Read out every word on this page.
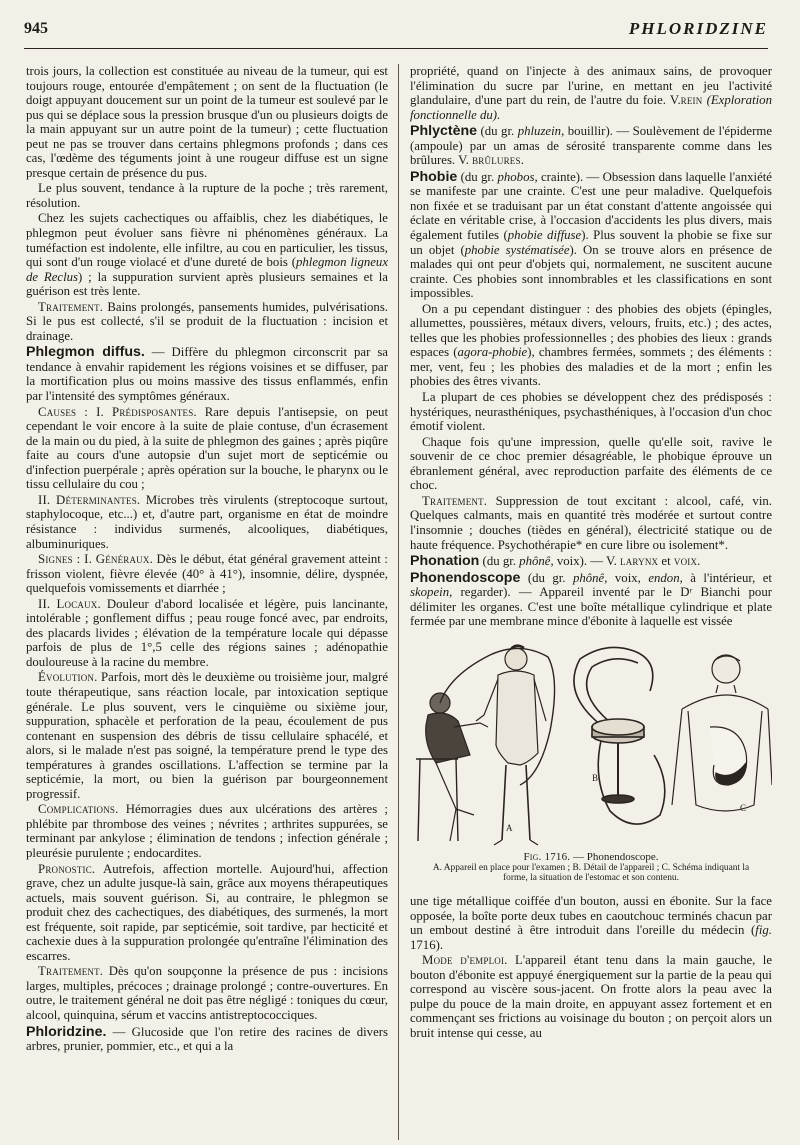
945	PHLORIDZINE

trois jours, la collection est constituée au niveau de la tumeur, qui est toujours rouge, entourée d'empâtement ; on sent de la fluctuation (le doigt appuyant doucement sur un point de la tumeur est soulevé par le pus qui se déplace sous la pression brusque d'un ou plusieurs doigts de la main appuyant sur un autre point de la tumeur) ; cette fluctuation peut ne pas se trouver dans certains phlegmons profonds ; dans ces cas, l'œdème des téguments joint à une rougeur diffuse est un signe presque certain de présence du pus.

Le plus souvent, tendance à la rupture de la poche ; très rarement, résolution.

Chez les sujets cachectiques ou affaiblis, chez les diabétiques, le phlegmon peut évoluer sans fièvre ni phénomènes généraux. La tuméfaction est indolente, elle infiltre, au cou en particulier, les tissus, qui sont d'un rouge violacé et d'une dureté de bois (phlegmon ligneux de Reclus) ; la suppuration survient après plusieurs semaines et la guérison est très lente.

Traitement. Bains prolongés, pansements humides, pulvérisations. Si le pus est collecté, s'il se produit de la fluctuation : incision et drainage.

Phlegmon diffus. — Diffère du phlegmon circonscrit par sa tendance à envahir rapidement les régions voisines et se diffuser, par la mortification plus ou moins massive des tissus enflammés, enfin par l'intensité des symptômes généraux.

Causes : I. Prédisposantes. Rare depuis l'antisepsie, on peut cependant le voir encore à la suite de plaie contuse, d'un écrasement de la main ou du pied, à la suite de phlegmon des gaines ; après piqûre faite au cours d'une autopsie d'un sujet mort de septicémie ou d'infection puerpérale ; après opération sur la bouche, le pharynx ou le tissu cellulaire du cou ;

II. Déterminantes. Microbes très virulents (streptocoque surtout, staphylocoque, etc...) et, d'autre part, organisme en état de moindre résistance : individus surmenés, alcooliques, diabétiques, albuminuriques.

Signes : I. Généraux. Dès le début, état général gravement atteint : frisson violent, fièvre élevée (40° à 41°), insomnie, délire, dyspnée, quelquefois vomissements et diarrhée ;

II. Locaux. Douleur d'abord localisée et légère, puis lancinante, intolérable ; gonflement diffus ; peau rouge foncé avec, par endroits, des placards livides ; élévation de la température locale qui dépasse parfois de plus de 1°,5 celle des régions saines ; adénopathie douloureuse à la racine du membre.

Évolution. Parfois, mort dès le deuxième ou troisième jour, malgré toute thérapeutique, sans réaction locale, par intoxication septique générale. Le plus souvent, vers le cinquième ou sixième jour, suppuration, sphacèle et perforation de la peau, écoulement de pus contenant en suspension des débris de tissu cellulaire sphacélé, et alors, si le malade n'est pas soigné, la température prend le type des températures à grandes oscillations. L'affection se termine par la septicémie, la mort, ou bien la guérison par bourgeonnement progressif.

Complications. Hémorragies dues aux ulcérations des artères ; phlébite par thrombose des veines ; névrites ; arthrites suppurées, se terminant par ankylose ; élimination de tendons ; infection générale ; pleurésie purulente ; endocardites.

Pronostic. Autrefois, affection mortelle. Aujourd'hui, affection grave, chez un adulte jusque-là sain, grâce aux moyens thérapeutiques actuels, mais souvent guérison. Si, au contraire, le phlegmon se produit chez des cachectiques, des diabétiques, des surmenés, la mort est fréquente, soit rapide, par septicémie, soit tardive, par hecticité et cachexie dues à la suppuration prolongée qu'entraîne l'élimination des escarres.

Traitement. Dès qu'on soupçonne la présence de pus : incisions larges, multiples, précoces ; drainage prolongé ; contre-ouvertures. En outre, le traitement général ne doit pas être négligé : toniques du cœur, alcool, quinquina, sérum et vaccins antistreptococciques.

Phloridzine. — Glucoside que l'on retire des racines de divers arbres, prunier, pommier, etc., et qui a la

propriété, quand on l'injecte à des animaux sains, de provoquer l'élimination du sucre par l'urine, en mettant en jeu l'activité glandulaire, d'une part du rein, de l'autre du foie. V.rein (Exploration fonctionnelle du).

Phlyctène (du gr. phluzein, bouillir). — Soulèvement de l'épiderme (ampoule) par un amas de sérosité transparente comme dans les brûlures. V. brûlures.

Phobie (du gr. phobos, crainte). — Obsession dans laquelle l'anxiété se manifeste par une crainte. C'est une peur maladive. Quelquefois non fixée et se traduisant par un état constant d'attente angoissée qui éclate en véritable crise, à l'occasion d'accidents les plus divers, mais également futiles (phobie diffuse). Plus souvent la phobie se fixe sur un objet (phobie systématisée). On se trouve alors en présence de malades qui ont peur d'objets qui, normalement, ne suscitent aucune crainte. Ces phobies sont innombrables et les classifications en sont impossibles.

On a pu cependant distinguer : des phobies des objets (épingles, allumettes, poussières, métaux divers, velours, fruits, etc.) ; des actes, telles que les phobies professionnelles ; des phobies des lieux : grands espaces (agora-phobie), chambres fermées, sommets ; des éléments : mer, vent, feu ; les phobies des maladies et de la mort ; enfin les phobies des êtres vivants.

La plupart de ces phobies se développent chez des prédisposés : hystériques, neurasthéniques, psychasthéniques, à l'occasion d'un choc émotif violent.

Chaque fois qu'une impression, quelle qu'elle soit, ravive le souvenir de ce choc premier désagréable, le phobique éprouve un ébranlement général, avec reproduction parfaite des éléments de ce choc.

Traitement. Suppression de tout excitant : alcool, café, vin. Quelques calmants, mais en quantité très modérée et surtout contre l'insomnie ; douches (tièdes en général), électricité statique ou de haute fréquence. Psychothérapie* en cure libre ou isolement*.

Phonation (du gr. phônê, voix). — V. larynx et voix.

Phonendoscope (du gr. phônê, voix, endon, à l'intérieur, et skopein, regarder). — Appareil inventé par le Dʳ Bianchi pour délimiter les organes. C'est une boîte métallique cylindrique et plate fermée par une membrane mince d'ébonite à laquelle est vissée

A
B
C
Fig. 1716. — Phonendoscope.
A. Appareil en place pour l'examen ; B. Détail de l'appareil ; C. Schéma indiquant la forme, la situation de l'estomac et son contenu.

une tige métallique coiffée d'un bouton, aussi en ébonite. Sur la face opposée, la boîte porte deux tubes en caoutchouc terminés chacun par un embout destiné à être introduit dans l'oreille du médecin (fig. 1716).

Mode d'emploi. L'appareil étant tenu dans la main gauche, le bouton d'ébonite est appuyé énergiquement sur la partie de la peau qui correspond au viscère sous-jacent. On frotte alors la peau avec la pulpe du pouce de la main droite, en appuyant assez fortement et en commençant ses frictions au voisinage du bouton ; on perçoit alors un bruit intense qui cesse, au
